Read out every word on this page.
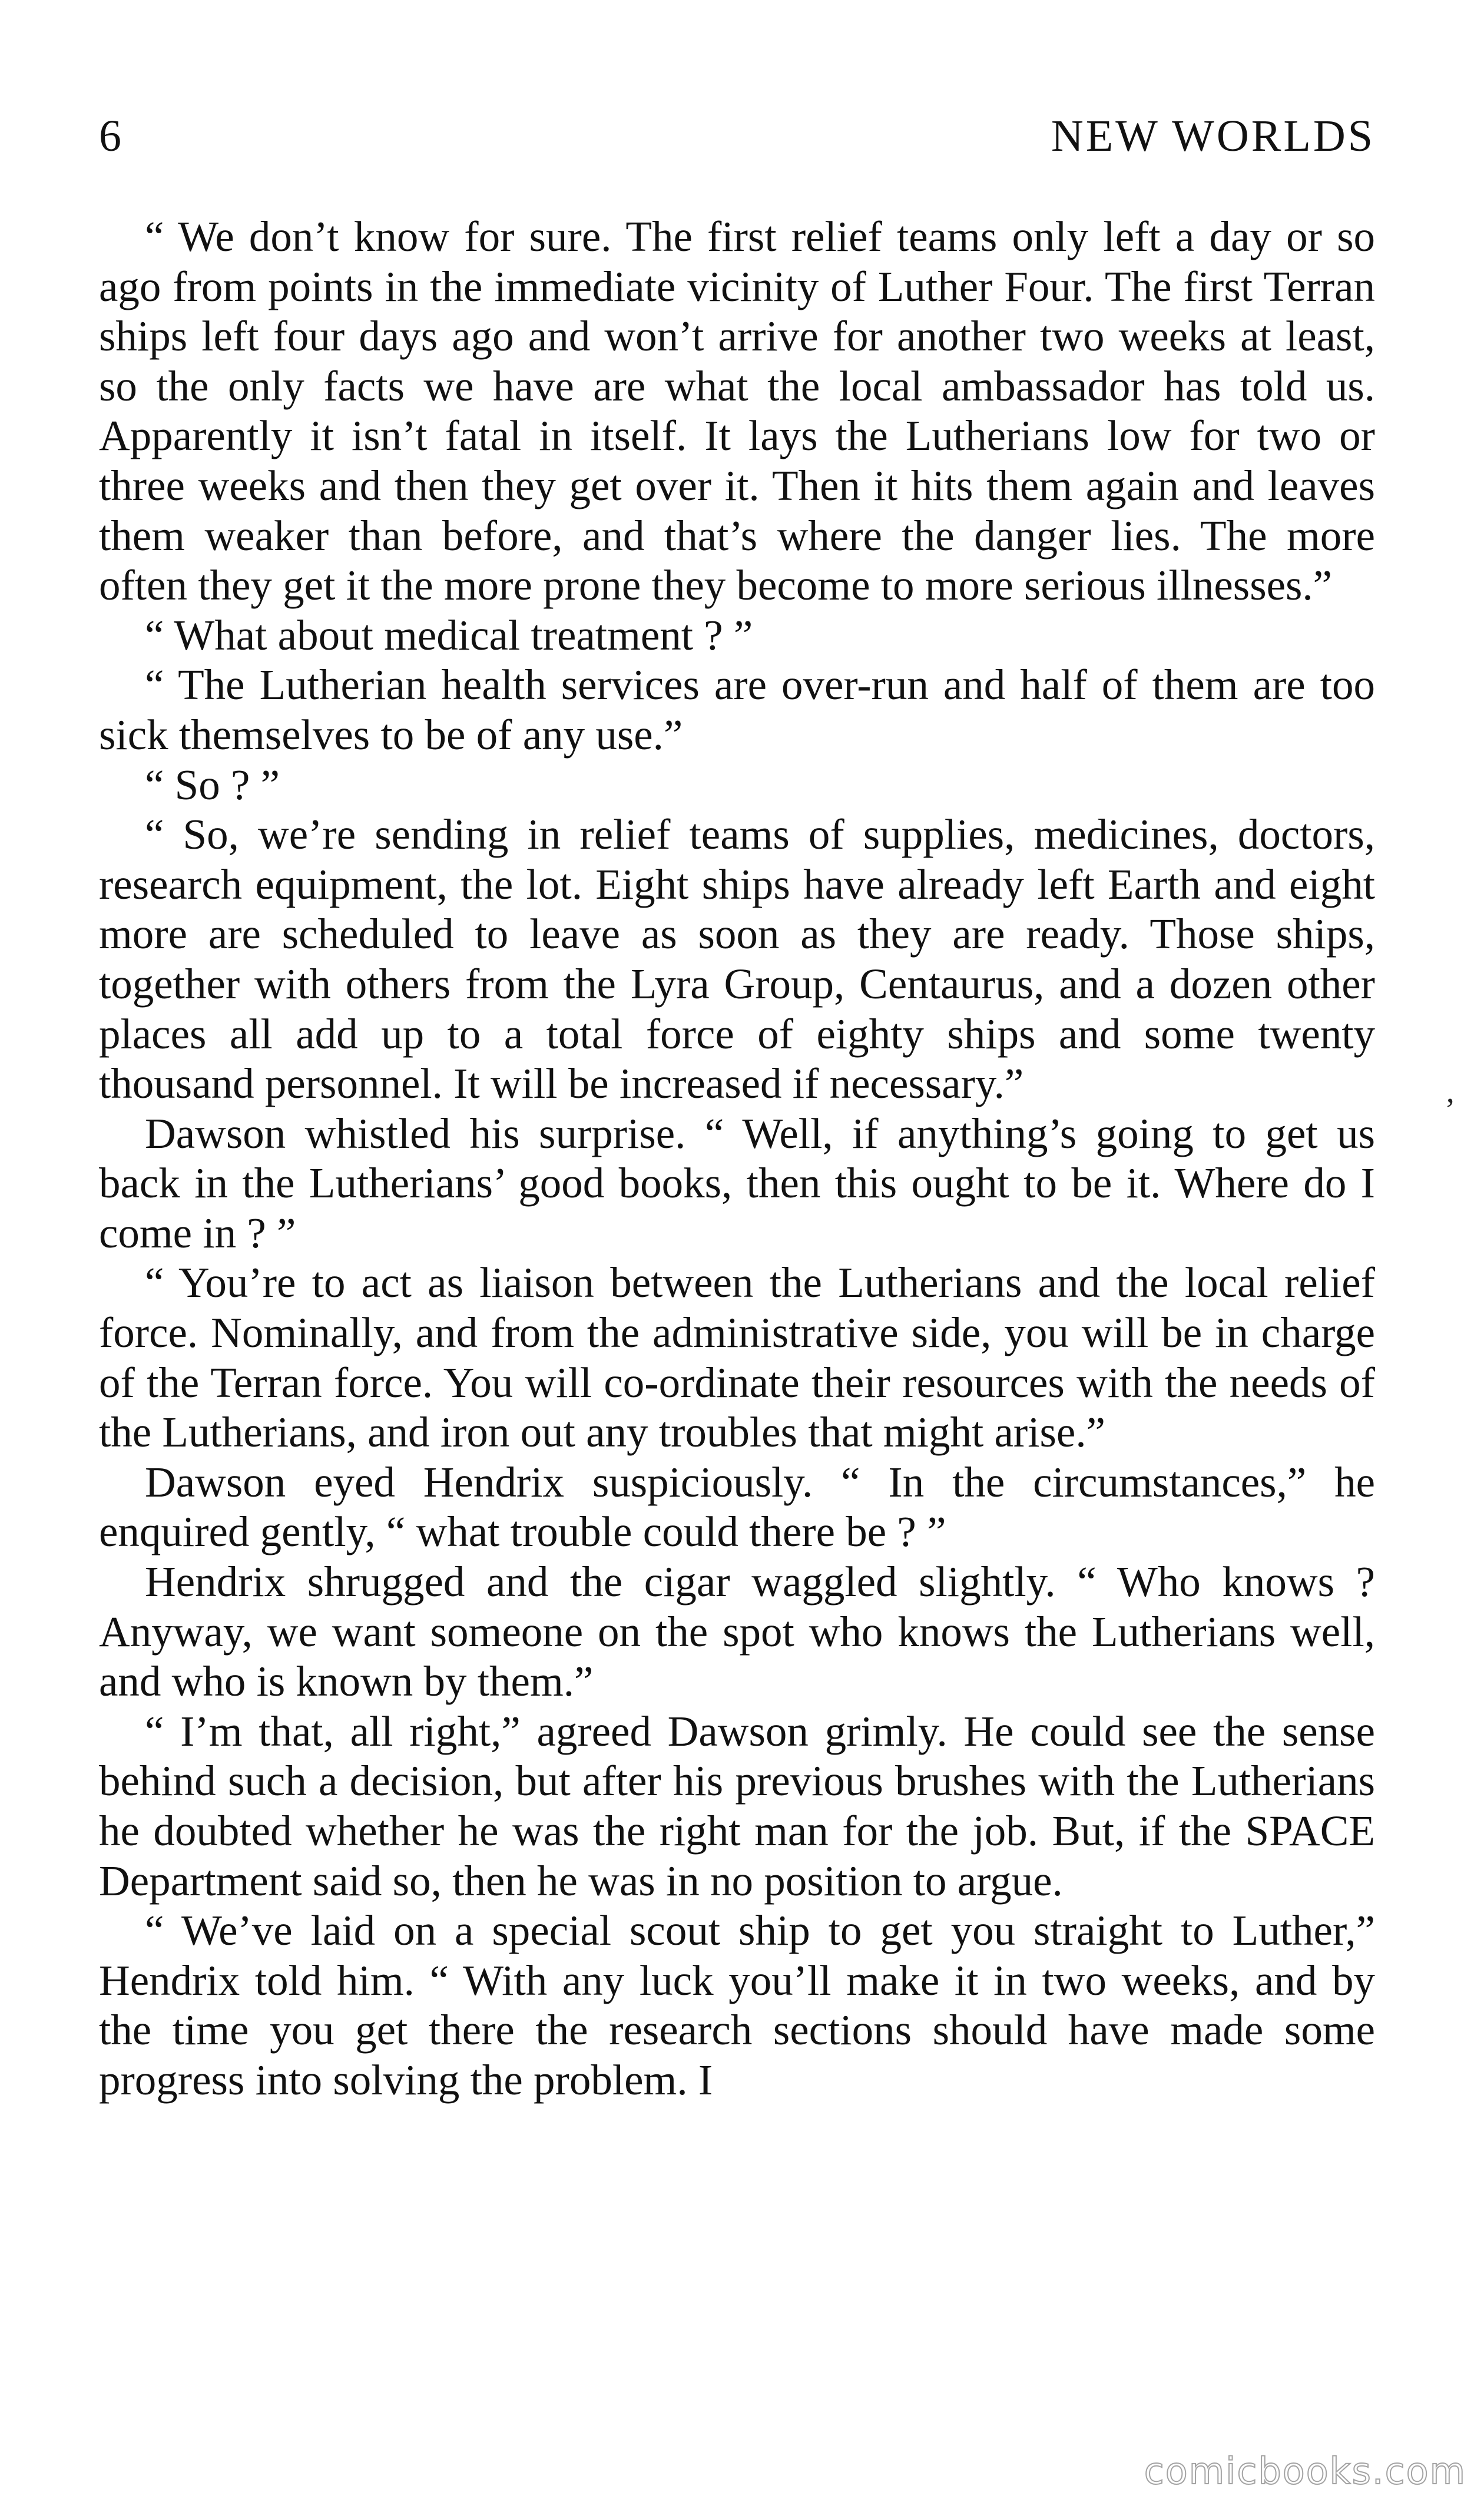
6	NEW WORLDS

“ We don’t know for sure. The first relief teams only left a day or so ago from points in the immediate vicinity of Luther Four. The first Terran ships left four days ago and won’t arrive for another two weeks at least, so the only facts we have are what the local ambassador has told us. Apparently it isn’t fatal in itself. It lays the Lutherians low for two or three weeks and then they get over it. Then it hits them again and leaves them weaker than before, and that’s where the danger lies. The more often they get it the more prone they become to more serious illnesses.”

“ What about medical treatment ? ”

“ The Lutherian health services are over-run and half of them are too sick themselves to be of any use.”

“ So ? ”

“ So, we’re sending in relief teams of supplies, medicines, doctors, research equipment, the lot. Eight ships have already left Earth and eight more are scheduled to leave as soon as they are ready. Those ships, together with others from the Lyra Group, Centaurus, and a dozen other places all add up to a total force of eighty ships and some twenty thousand personnel. It will be increased if necessary.”

Dawson whistled his surprise. “ Well, if anything’s going to get us back in the Lutherians’ good books, then this ought to be it. Where do I come in ? ”

“ You’re to act as liaison between the Lutherians and the local relief force. Nominally, and from the administrative side, you will be in charge of the Terran force. You will co-ordinate their resources with the needs of the Lutherians, and iron out any troubles that might arise.”

Dawson eyed Hendrix suspiciously. “ In the circumstances,” he enquired gently, “ what trouble could there be ? ”

Hendrix shrugged and the cigar waggled slightly. “ Who knows ? Anyway, we want someone on the spot who knows the Lutherians well, and who is known by them.”

“ I’m that, all right,” agreed Dawson grimly. He could see the sense behind such a decision, but after his previous brushes with the Lutherians he doubted whether he was the right man for the job. But, if the SPACE Department said so, then he was in no position to argue.

“ We’ve laid on a special scout ship to get you straight to Luther,” Hendrix told him. “ With any luck you’ll make it in two weeks, and by the time you get there the research sections should have made some progress into solving the problem. I

’
comicbooks.com
